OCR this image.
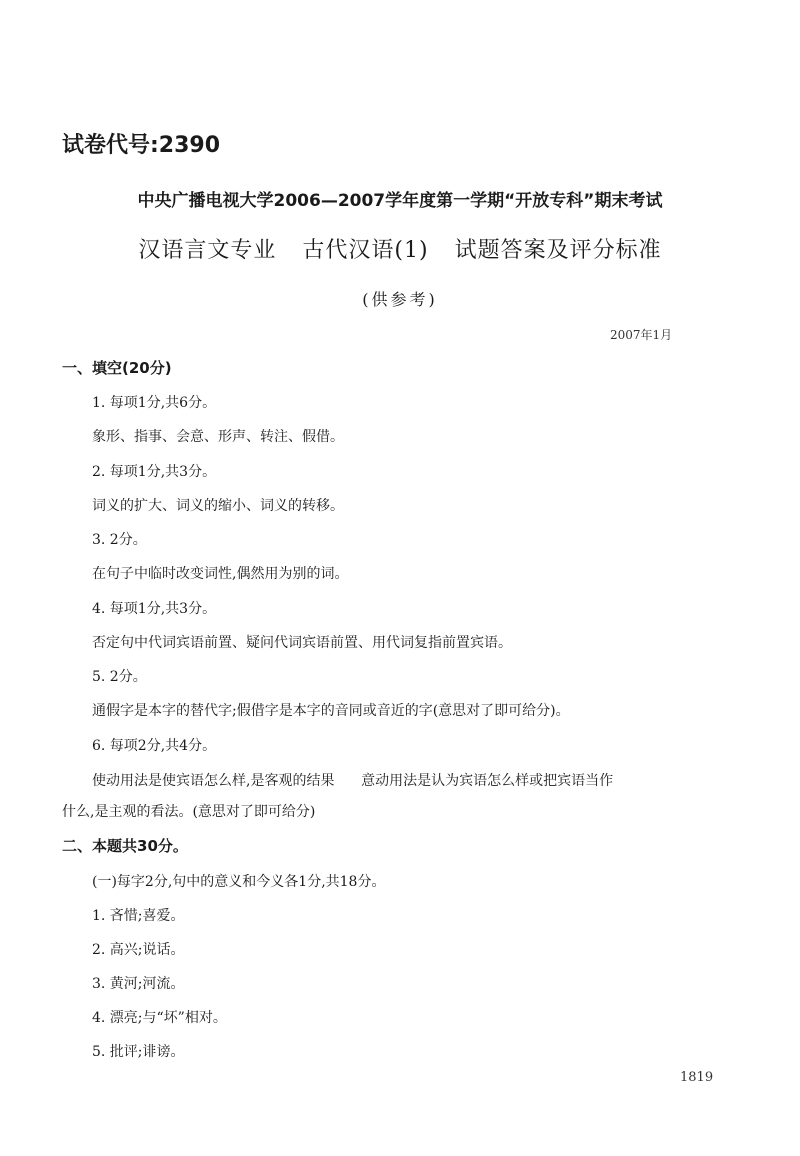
试卷代号:2390
中央广播电视大学2006—2007学年度第一学期“开放专科”期末考试
汉语言文专业 古代汉语(1) 试题答案及评分标准
(供参考)
2007年1月
一、填空(20分)
1. 每项1分,共6分。
象形、指事、会意、形声、转注、假借。
2. 每项1分,共3分。
词义的扩大、词义的缩小、词义的转移。
3. 2分。
在句子中临时改变词性,偶然用为别的词。
4. 每项1分,共3分。
否定句中代词宾语前置、疑问代词宾语前置、用代词复指前置宾语。
5. 2分。
通假字是本字的替代字;假借字是本字的音同或音近的字(意思对了即可给分)。
6. 每项2分,共4分。
使动用法是使宾语怎么样,是客观的结果      意动用法是认为宾语怎么样或把宾语当作
什么,是主观的看法。(意思对了即可给分)
二、本题共30分。
(一)每字2分,句中的意义和今义各1分,共18分。
1. 吝惜;喜爱。
2. 高兴;说话。
3. 黄河;河流。
4. 漂亮;与“坏”相对。
5. 批评;诽谤。
1819
